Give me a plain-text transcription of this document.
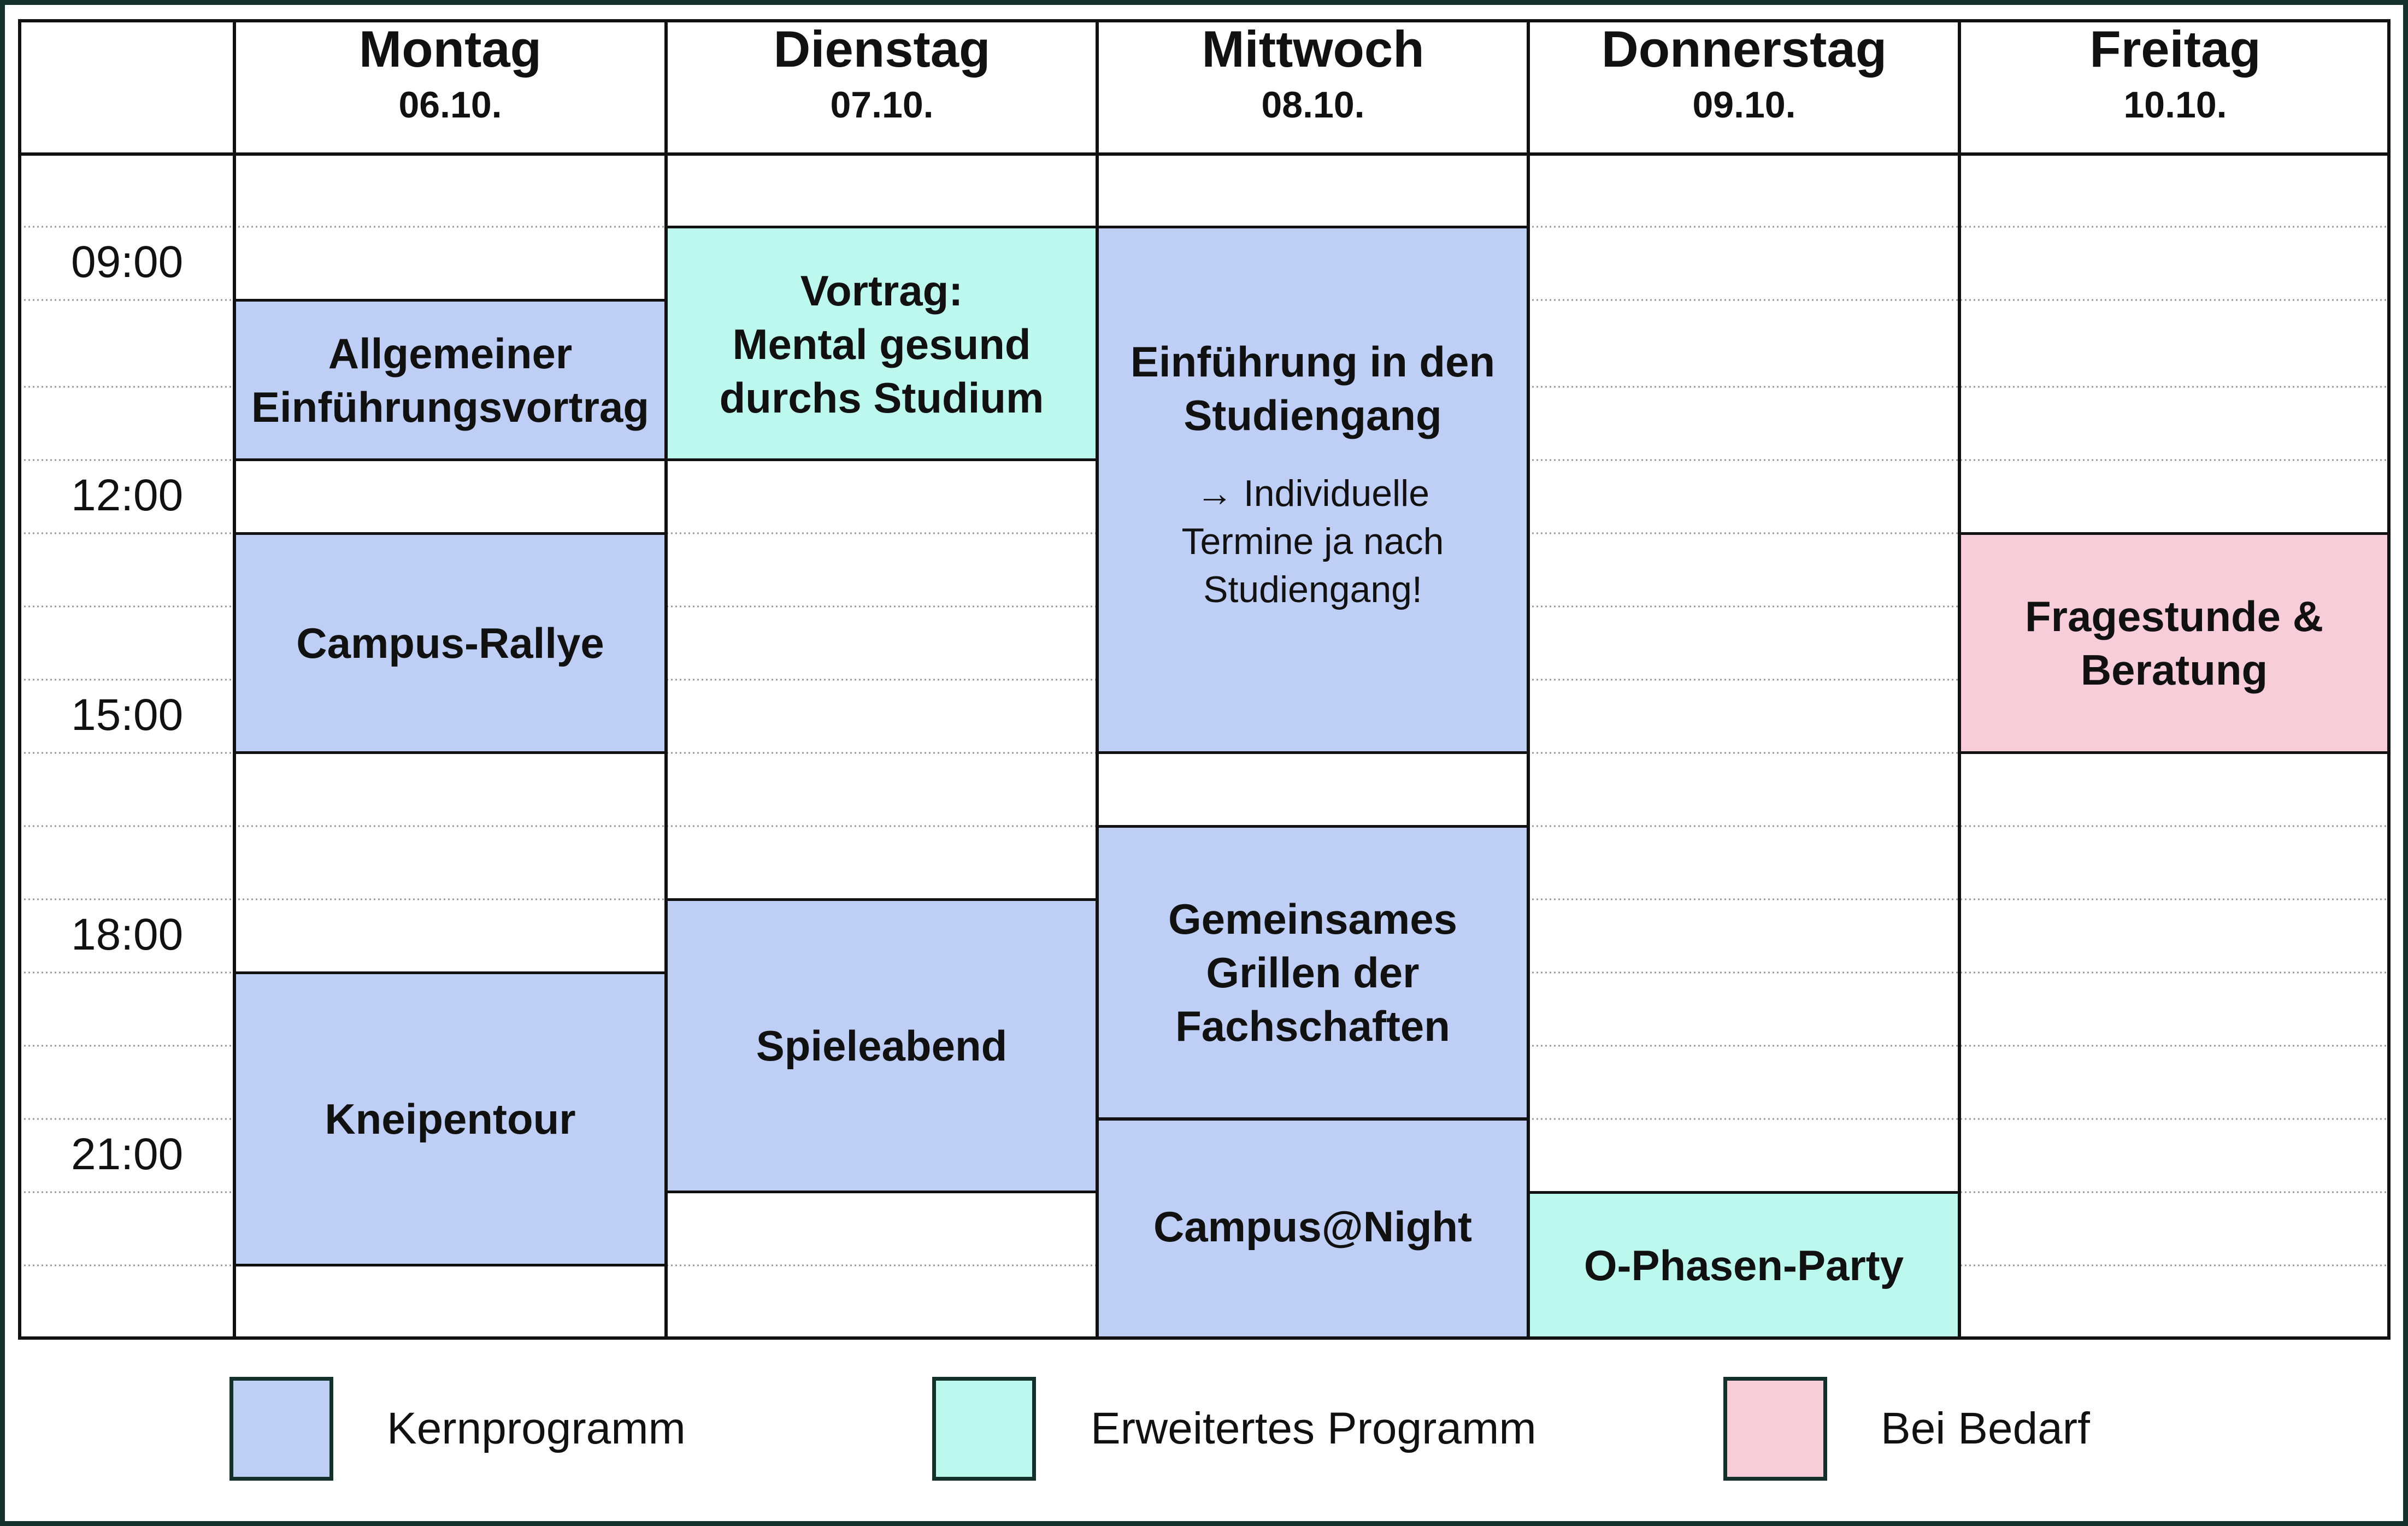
Montag
06.10.
Dienstag
07.10.
Mittwoch
08.10.
Donnerstag
09.10.
Freitag
10.10.
09:00
12:00
15:00
18:00
21:00
Allgemeiner
Einführungsvortrag
Campus-Rallye
Kneipentour
Vortrag:
Mental gesund
durchs Studium
Spieleabend
Einführung in den
Studiengang
→ Individuelle
Termine ja nach
Studiengang!
Gemeinsames
Grillen der
Fachschaften
Campus@Night
O-Phasen-Party
Fragestunde &
Beratung
Kernprogramm	Erweitertes Programm	Bei Bedarf
